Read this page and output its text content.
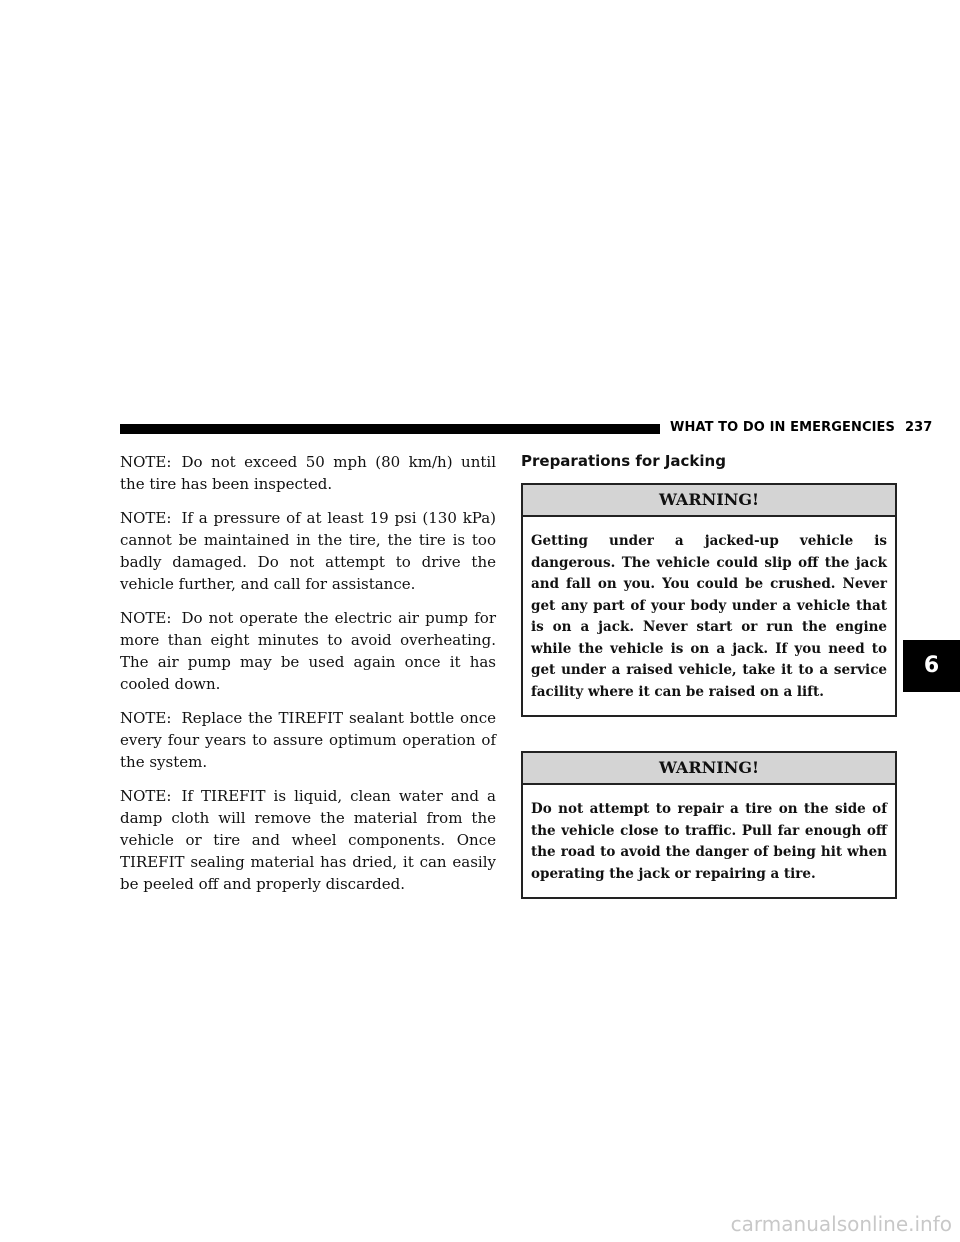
WHAT TO DO IN EMERGENCIES 237

NOTE: Do not exceed 50 mph (80 km/h) until the tire has been inspected.

NOTE: If a pressure of at least 19 psi (130 kPa) cannot be maintained in the tire, the tire is too badly damaged. Do not attempt to drive the vehicle further, and call for assistance.

NOTE: Do not operate the electric air pump for more than eight minutes to avoid overheating. The air pump may be used again once it has cooled down.

NOTE: Replace the TIREFIT sealant bottle once every four years to assure optimum operation of the system.

NOTE: If TIREFIT is liquid, clean water and a damp cloth will remove the material from the vehicle or tire and wheel components. Once TIREFIT sealing material has dried, it can easily be peeled off and properly discarded.

Preparations for Jacking
WARNING!
Getting under a jacked-up vehicle is dangerous. The vehicle could slip off the jack and fall on you. You could be crushed. Never get any part of your body under a vehicle that is on a jack. Never start or run the engine while the vehicle is on a jack. If you need to get under a raised vehicle, take it to a service facility where it can be raised on a lift.
WARNING!
Do not attempt to repair a tire on the side of the vehicle close to traffic. Pull far enough off the road to avoid the danger of being hit when operating the jack or repairing a tire.
6
carmanualsonline.info
